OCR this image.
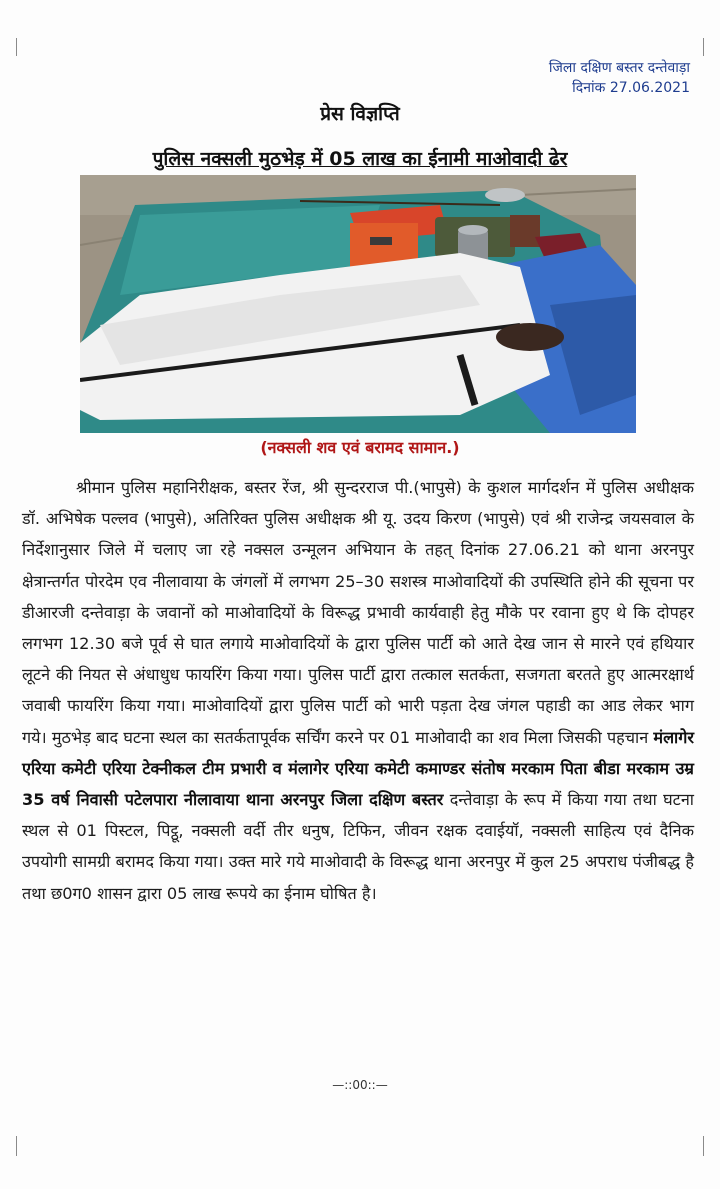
जिला दक्षिण बस्तर दन्तेवाड़ा
दिनांक 27.06.2021
प्रेस विज्ञप्ति
पुलिस नक्सली मुठभेड़ में 05 लाख का ईनामी माओवादी ढेर
(नक्सली शव एवं बरामद सामान.)

श्रीमान पुलिस महानिरीक्षक, बस्तर रेंज, श्री सुन्दरराज पी.(भापुसे) के कुशल मार्गदर्शन में पुलिस अधीक्षक डॉ. अभिषेक पल्लव (भापुसे), अतिरिक्त पुलिस अधीक्षक श्री यू. उदय किरण (भापुसे) एवं श्री राजेन्द्र जयसवाल के निर्देशानुसार जिले में चलाए जा रहे नक्सल उन्मूलन अभियान के तहत् दिनांक 27.06.21 को थाना अरनपुर क्षेत्रान्तर्गत पोरदेम एव नीलावाया के जंगलों में लगभग 25–30 सशस्त्र माओवादियों की उपस्थिति होने की सूचना पर डीआरजी दन्तेवाड़ा के जवानों को माओवादियों के विरूद्ध प्रभावी कार्यवाही हेतु मौके पर रवाना हुए थे कि दोपहर लगभग 12.30 बजे पूर्व से घात लगाये माओवादियों के द्वारा पुलिस पार्टी को आते देख जान से मारने एवं हथियार लूटने की नियत से अंधाधुध फायरिंग किया गया। पुलिस पार्टी द्वारा तत्काल सतर्कता, सजगता बरतते हुए आत्मरक्षार्थ जवाबी फायरिंग किया गया। माओवादियों द्वारा पुलिस पार्टी को भारी पड़ता देख जंगल पहाडी का आड लेकर भाग गये। मुठभेड़ बाद घटना स्थल का सतर्कतापूर्वक सर्चिंग करने पर 01 माओवादी का शव मिला जिसकी पहचान मंलागेर एरिया कमेटी एरिया टेक्नीकल टीम प्रभारी व मंलागेर एरिया कमेटी कमाण्डर संतोष मरकाम पिता बीडा मरकाम उम्र 35 वर्ष निवासी पटेलपारा नीलावाया थाना अरनपुर जिला दक्षिण बस्तर दन्तेवाड़ा के रूप में किया गया तथा घटना स्थल से 01 पिस्टल, पिट्ठू, नक्सली वर्दी तीर धनुष, टिफिन, जीवन रक्षक दवाईयॉ, नक्सली साहित्य एवं दैनिक उपयोगी सामग्री बरामद किया गया। उक्त मारे गये माओवादी के विरूद्ध थाना अरनपुर में कुल 25 अपराध पंजीबद्ध है तथा छ0ग0 शासन द्वारा 05 लाख रूपये का ईनाम घोषित है।

—::00::—
